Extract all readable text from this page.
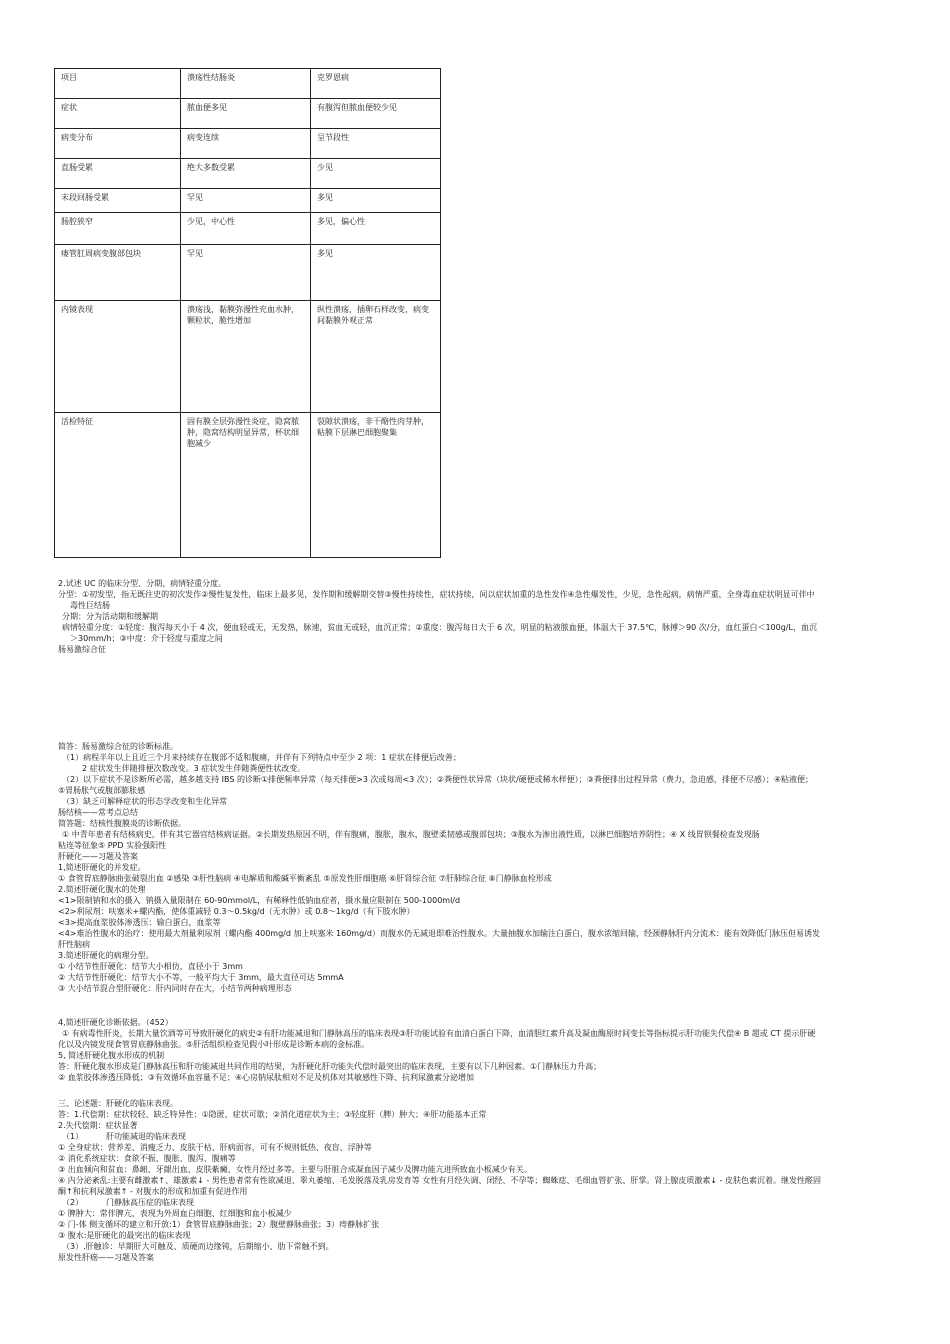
项目	溃疡性结肠炎	克罗恩病
症状	脓血便多见	有腹泻但脓血便较少见
病变分布	病变连续	呈节段性
直肠受累	绝大多数受累	少见
末段回肠受累	罕见	多见
肠腔狭窄	少见，中心性	多见，偏心性
瘘管肛周病变腹部包块	罕见	多见
内镜表现	溃疡浅，黏膜弥漫性充血水肿，颗粒状，脆性增加	纵性溃疡，插卵石样改变，病变间黏膜外观正常
活检特征	固有膜全层弥漫性炎症，隐窝脓肿，隐窝结构明显异常，杯状细胞减少	裂隙状溃疡，非干酪性肉芽肿，粘膜下层淋巴细胞聚集
2.试述 UC 的临床分型、分期、病情轻重分度。
分型：①初发型，指无既往史的初次发作②慢性复发性，临床上最多见，发作期和缓解期交替③慢性持续性，症状持续，间以症状加重的急性发作④急性爆发性，少见，急性起病，病情严重，全身毒血症状明显可伴中
毒性巨结肠
分期：分为活动期和缓解期
病情轻重分度：①轻度：腹泻每天小于 4 次，便血轻或无，无发热，脉速，贫血无或轻，血沉正常；②重度：腹泻每日大于 6 次，明显的粘液脓血便，体温大于 37.5℃，脉搏＞90 次/分，血红蛋白＜100g/L，血沉
＞30mm/h；③中度：介于轻度与重度之间
肠易激综合征
简答：肠易激综合征的诊断标准。
（1）病程半年以上且近三个月来持续存在腹部不适和腹痛，并伴有下列特点中至少 2 项：1 症状在排便后改善；
2 症状发生伴随排便次数改变。3 症状发生伴随粪便性状改变。
（2）以下症状不是诊断所必需，越多越支持 IBS 的诊断①排便频率异常（每天排便>3 次或每周<3 次）；②粪便性状异常（块状/硬便或稀水样便）；③粪便排出过程异常（费力，急迫感，排便不尽感）；④粘液便；
⑤胃肠胀气或腹部膨胀感
（3）缺乏可解释症状的形态学改变和生化异常
肠结核——常考点总结
简答题：结核性腹膜炎的诊断依据。
① 中青年患者有结核病史，伴有其它器官结核病证据。②长期发热原因不明，伴有腹痛，腹胀，腹水，腹壁柔韧感或腹部包块；③腹水为渗出液性质，以淋巴细胞培养阴性；④ X 线胃钡餐检查发现肠
粘连等征象⑤ PPD 实验强阳性
肝硬化——习题及答案
1,简述肝硬化的并发症。
① 食管胃底静脉曲张破裂出血 ②感染 ③肝性脑病 ④电解质和酸碱平衡紊乱 ⑤原发性肝细胞癌 ⑥肝肾综合征 ⑦肝肺综合征 ⑧门静脉血栓形成
2.简述肝硬化腹水的处理
<1>限制钠和水的摄入  钠摄入量限制在 60-90mmol/L，有稀释性低钠血症者，摄水量应限制在 500-1000ml/d
<2>利尿剂：呋塞米+螺内酯，使体重减轻 0.3～0.5kg/d（无水肿）或 0.8～1kg/d（有下肢水肿）
<3>提高血浆胶体渗透压：输白蛋白，血浆等
<4>难治性腹水的治疗：使用最大剂量利尿剂（螺内酯 400mg/d 加上呋塞米 160mg/d）而腹水仍无减退即难治性腹水。大量抽腹水加输注白蛋白，腹水浓缩回输，经颈静脉肝内分流术：能有效降低门脉压但易诱发
肝性脑病
3.简述肝硬化的病理分型。
① 小结节性肝硬化：结节大小相仿，直径小于 3mm
② 大结节性肝硬化：结节大小不等，一般平均大于 3mm，最大直径可达 5mmA
③ 大小结节混合型肝硬化：肝内同时存在大，小结节两种病理形态
4,简述肝硬化诊断依据。（452）
① 有病毒性肝炎，长期大量饮酒等可导致肝硬化的病史②有肝功能减退和门静脉高压的临床表现③肝功能试验有血清白蛋白下降，血清胆红素升高及凝血酶原时间变长等指标提示肝功能失代偿④ B 超或 CT 提示肝硬
化以及内镜发现食管胃底静脉曲张。⑤肝活组织检查见假小叶形成是诊断本病的金标准。
5, 简述肝硬化腹水形成的机制
答：肝硬化腹水形成是门静脉高压和肝功能减退共同作用的结果，为肝硬化肝功能失代偿时最突出的临床表现，主要有以下几种因素。①门静脉压力升高；
② 血浆胶体渗透压降低；③有效循环血容量不足；④心房钠尿肽相对不足及机体对其敏感性下降、抗利尿激素分泌增加
三、论述题：肝硬化的临床表现。
答：1.代偿期：症状较轻、缺乏特异性：①隐匿，症状可歇；②消化道症状为主；③轻度肝（脾）肿大；④肝功能基本正常
2.失代偿期：症状显著
（1）         肝功能减退的临床表现
① 全身症状：营养差、消瘦乏力、皮肤干枯、肝病面容，可有不规则低热、夜盲、浮肿等
② 消化系统症状：食欲不振、腹胀、腹泻、腹痛等
③ 出血倾向和贫血：鼻衄、牙龈出血、皮肤紫癜、女性月经过多等。主要与肝脏合成凝血因子减少及脾功能亢进所致血小板减少有关。
④ 内分泌紊乱:主要有雌激素↑、雄激素↓ - 男性患者常有性欲减退、睾丸萎缩、毛发脱落及乳房发育等 女性有月经失调、闭经、不孕等；蜘蛛痣、毛细血管扩张、肝掌。肾上腺皮质激素↓ - 皮肤色素沉着。继发性醛固
酮↑和抗利尿激素↑ - 对腹水的形成和加重有促进作用
（2）         门静脉高压症的临床表现
① 脾肿大：常伴脾亢，表现为外周血白细胞、红细胞和血小板减少
② 门-体 侧支循环的建立和开放:1）食管胃底静脉曲张；2）腹壁静脉曲张；3）痔静脉扩张
③ 腹水:是肝硬化的最突出的临床表现
（3）.肝触诊：早期肝大可触及、质硬而边缘钝，后期缩小、肋下常触不到。
原发性肝癌——习题及答案
